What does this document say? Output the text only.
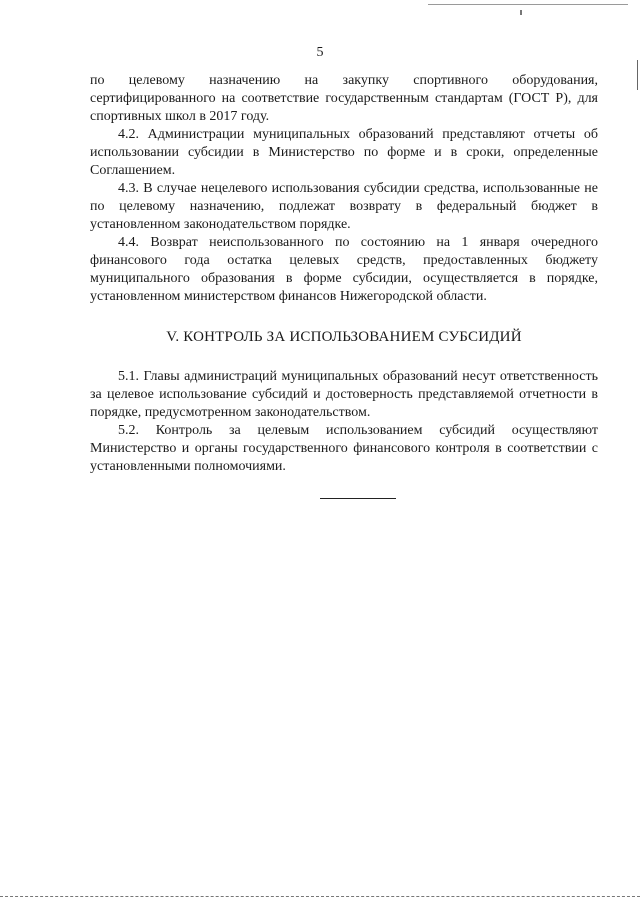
5

по целевому назначению на закупку спортивного оборудования, сертифицированного на соответствие государственным стандартам (ГОСТ Р), для спортивных школ в 2017 году.

4.2. Администрации муниципальных образований представляют отчеты об использовании субсидии в Министерство по форме и в сроки, определенные Соглашением.

4.3. В случае нецелевого использования субсидии средства, использованные не по целевому назначению, подлежат возврату в федеральный бюджет в установленном законодательством порядке.

4.4. Возврат неиспользованного по состоянию на 1 января очередного финансового года остатка целевых средств, предоставленных бюджету муниципального образования в форме субсидии, осуществляется в порядке, установленном министерством финансов Нижегородской области.

V. КОНТРОЛЬ ЗА ИСПОЛЬЗОВАНИЕМ СУБСИДИЙ

5.1. Главы администраций муниципальных образований несут ответственность за целевое использование субсидий и достоверность представляемой отчетности в порядке, предусмотренном законодательством.

5.2. Контроль за целевым использованием субсидий осуществляют Министерство и органы государственного финансового контроля в соответствии с установленными полномочиями.
